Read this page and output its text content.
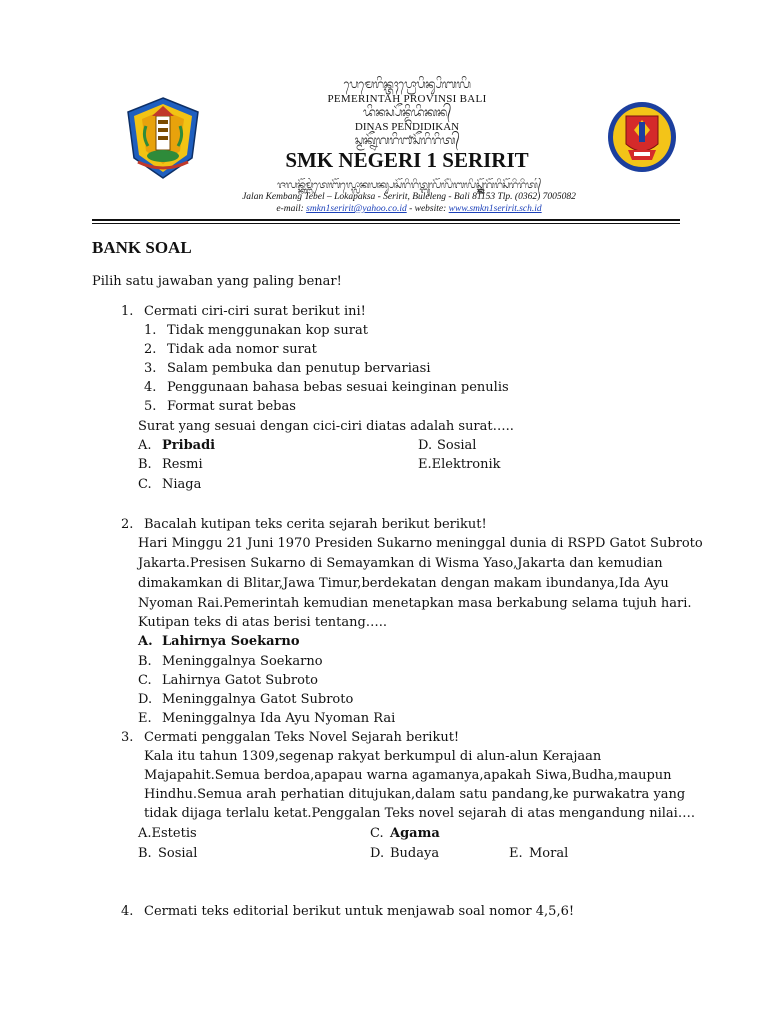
ᬧᬾᬫᬾᬭᬶᬦ᭄ᬢᬄᬧ᭄ᬭᭀᬧᬶᬦ᭄ᬲᬶᬩᬮᬶ
PEMERINTAH PROVINSI BALI
ᬤᬶᬦᬲ᭄ᬧᭂᬦ᭄ᬤᬶᬤᬶᬓᬦ᭄
DINAS PENDIDIKAN
ᬲ᭄ᬫᬓ᭄ᬦᭂᬕᬭᬶ᭑ᬲᭂᬭᬶᬭᬶᬢ᭄
SMK NEGERI 1 SERIRIT
ᬚᬮᬦ᭄ᬓᭂᬫ᭄ᬩᬂᬢᬾᬩᭂᬮ᭄ᬮᭀᬓᬧᬓ᭄ᬲᬲᭂᬭᬶᬭᬶᬢ᭄ᬩᬸᬮᭂᬮᭂᬂᬩᬮᬶᬲ᭄ᬫ᭄ᬓ᭄ᬦᭂᬕᭂᬭᬶᬲᭂᬭᬶᬭᬶᬢ᭄
Jalan Kembang Tebel – Lokapaksa - Seririt, Buleleng - Bali 81153 Tlp. (0362) 7005082
e-mail: smkn1seririt@yahoo.co.id - website: www.smkn1seririt.sch.id
BANK SOAL
Pilih satu jawaban yang paling benar!
1. Cermati ciri-ciri surat berikut ini!
1. Tidak menggunakan kop surat
2. Tidak ada nomor surat
3. Salam pembuka dan penutup bervariasi
4. Penggunaan bahasa bebas sesuai keinginan penulis
5. Format surat bebas
Surat yang sesuai dengan cici-ciri diatas adalah surat…..
A. Pribadi	D. Sosial
B. Resmi	E.Elektronik
C. Niaga
2. Bacalah kutipan teks cerita sejarah berikut berikut!
Hari Minggu 21 Juni 1970 Presiden Sukarno meninggal dunia di RSPD Gatot Subroto
Jakarta.Presisen Sukarno di Semayamkan di Wisma Yaso,Jakarta dan kemudian
dimakamkan di Blitar,Jawa Timur,berdekatan dengan makam ibundanya,Ida Ayu
Nyoman Rai.Pemerintah kemudian menetapkan masa berkabung selama tujuh hari.
Kutipan teks di atas berisi tentang…..
A. Lahirnya Soekarno
B. Meninggalnya Soekarno
C. Lahirnya Gatot Subroto
D. Meninggalnya Gatot Subroto
E. Meninggalnya Ida Ayu Nyoman Rai
3. Cermati penggalan Teks Novel Sejarah berikut!
Kala itu tahun 1309,segenap rakyat berkumpul di alun-alun Kerajaan
Majapahit.Semua berdoa,apapau warna agamanya,apakah Siwa,Budha,maupun
Hindhu.Semua arah perhatian ditujukan,dalam satu pandang,ke purwakatra yang
tidak dijaga terlalu ketat.Penggalan Teks novel sejarah di atas mengandung nilai….
A.Estetis	C. Agama
B. Sosial	D. Budaya	E. Moral
4. Cermati teks editorial berikut untuk menjawab soal nomor 4,5,6!
